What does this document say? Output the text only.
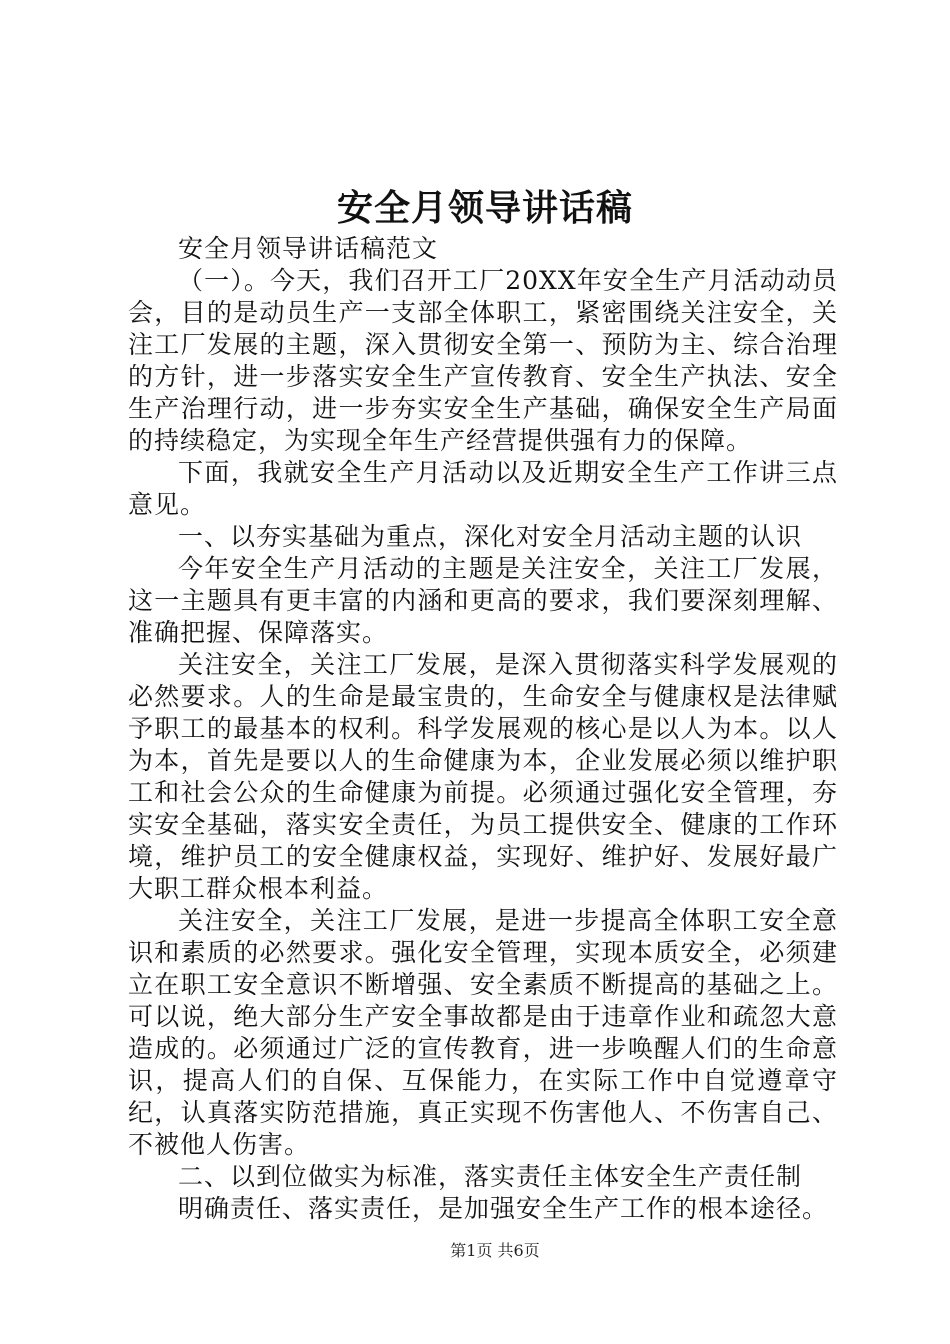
安全月领导讲话稿

安全月领导讲话稿范文

（一）。今天，我们召开工厂20XX年安全生产月活动动员会，目的是动员生产一支部全体职工，紧密围绕关注安全，关注工厂发展的主题，深入贯彻安全第一、预防为主、综合治理的方针，进一步落实安全生产宣传教育、安全生产执法、安全生产治理行动，进一步夯实安全生产基础，确保安全生产局面的持续稳定，为实现全年生产经营提供强有力的保障。

下面，我就安全生产月活动以及近期安全生产工作讲三点意见。

一、以夯实基础为重点，深化对安全月活动主题的认识

今年安全生产月活动的主题是关注安全，关注工厂发展，这一主题具有更丰富的内涵和更高的要求，我们要深刻理解、准确把握、保障落实。

关注安全，关注工厂发展，是深入贯彻落实科学发展观的必然要求。人的生命是最宝贵的，生命安全与健康权是法律赋予职工的最基本的权利。科学发展观的核心是以人为本。以人为本，首先是要以人的生命健康为本，企业发展必须以维护职工和社会公众的生命健康为前提。必须通过强化安全管理，夯实安全基础，落实安全责任，为员工提供安全、健康的工作环境，维护员工的安全健康权益，实现好、维护好、发展好最广大职工群众根本利益。

关注安全，关注工厂发展，是进一步提高全体职工安全意识和素质的必然要求。强化安全管理，实现本质安全，必须建立在职工安全意识不断增强、安全素质不断提高的基础之上。可以说，绝大部分生产安全事故都是由于违章作业和疏忽大意造成的。必须通过广泛的宣传教育，进一步唤醒人们的生命意识，提高人们的自保、互保能力，在实际工作中自觉遵章守纪，认真落实防范措施，真正实现不伤害他人、不伤害自己、不被他人伤害。

二、以到位做实为标准，落实责任主体安全生产责任制

明确责任、落实责任，是加强安全生产工作的根本途径。

第1页 共6页
